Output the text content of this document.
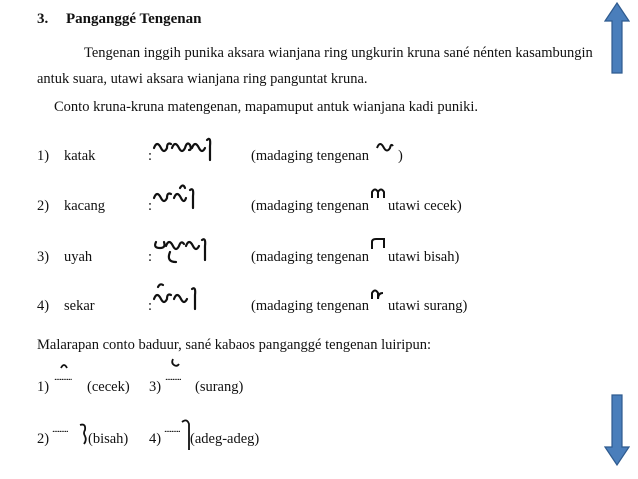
3. Panganggé Tengenan
Tengenan inggih punika aksara wianjana ring ungkurin kruna sané nénten kasambungin
antuk suara, utawi aksara wianjana ring panguntat kruna.
Conto kruna-kruna matengenan, mapamuput antuk wianjana kadi puniki.
1) katak	:	(madaging tengenan )
2) kacang	:	(madaging tengenan utawi cecek)
3) uyah	:	(madaging tengenan utawi bisah)
4) sekar	:	(madaging tengenan utawi surang)
Malarapan conto baduur, sané kabaos panganggé tengenan luiripun:
1)
..........
(cecek) 3)
.........
(surang)
2)
.........
(bisah) 4)
.........
(adeg-adeg)
